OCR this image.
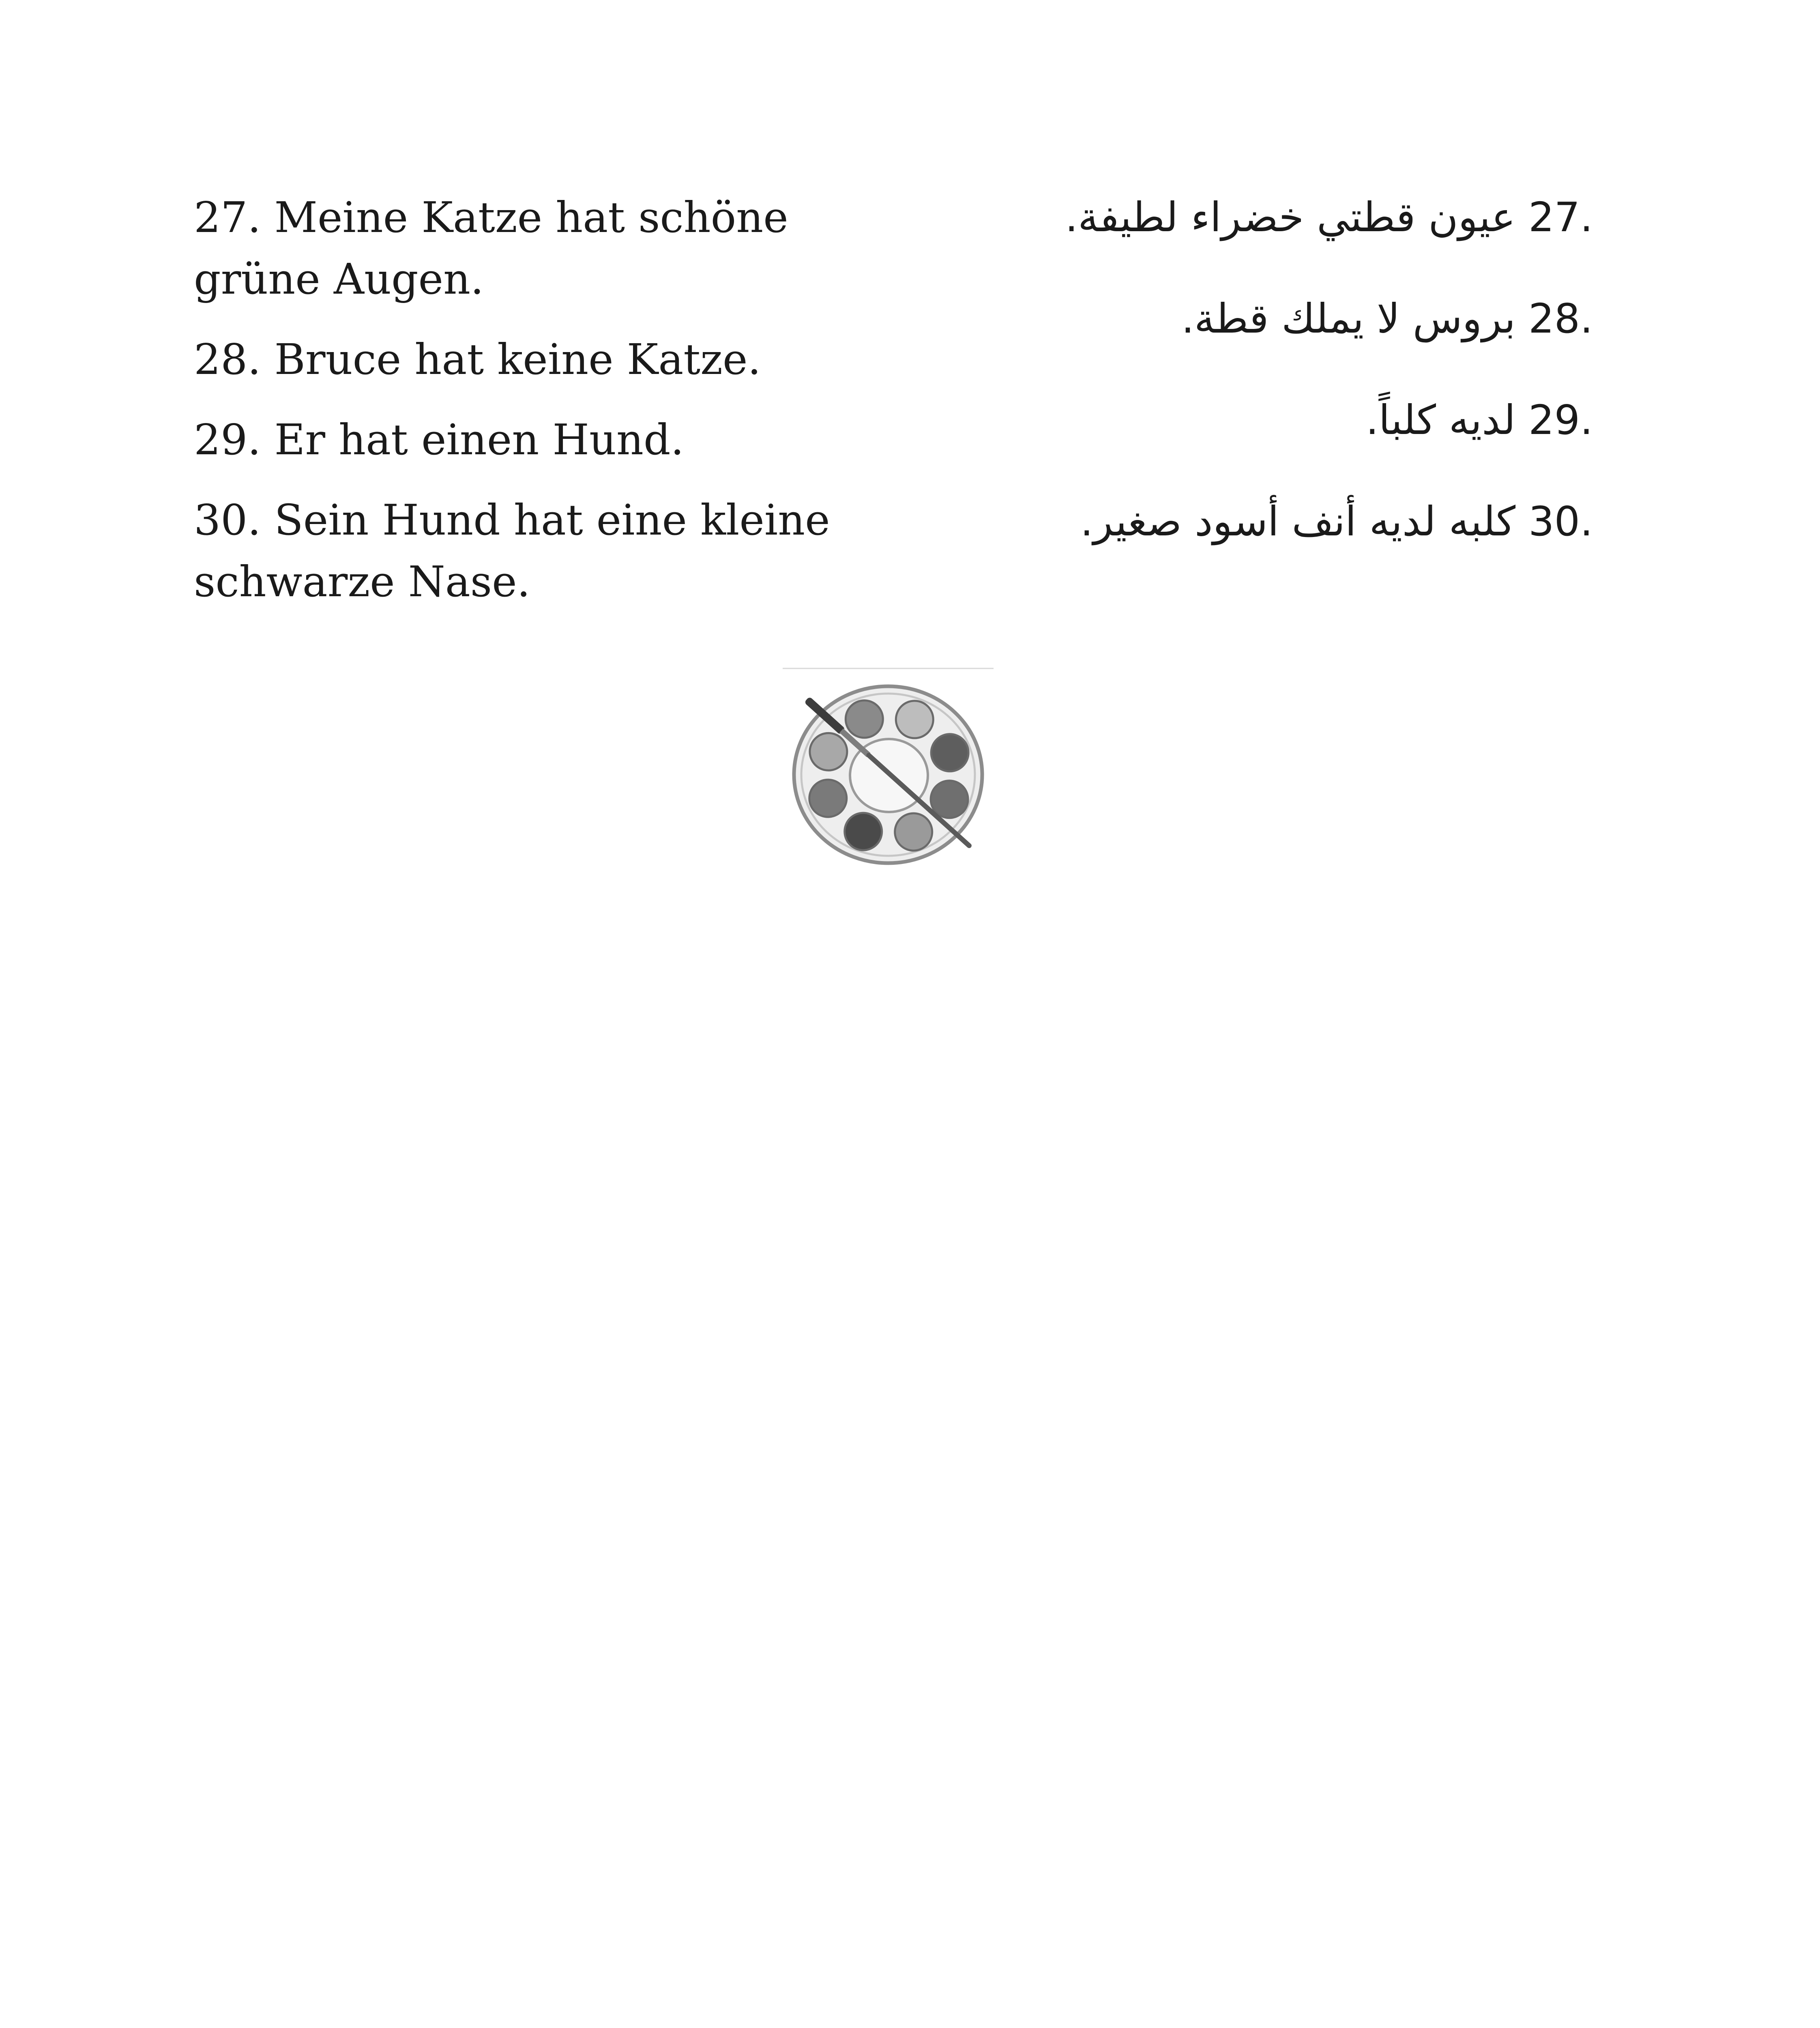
27. Meine Katze hat schöne grüne Augen.

28. Bruce hat keine Katze.

29. Er hat einen Hund.

30. Sein Hund hat eine kleine schwarze Nase.

.27 عيون قطتي خضراء لطيفة.
.28 بروس لا يملك قطة.
.29 لديه كلباً.
.30 كلبه لديه أنف أسود صغير.
